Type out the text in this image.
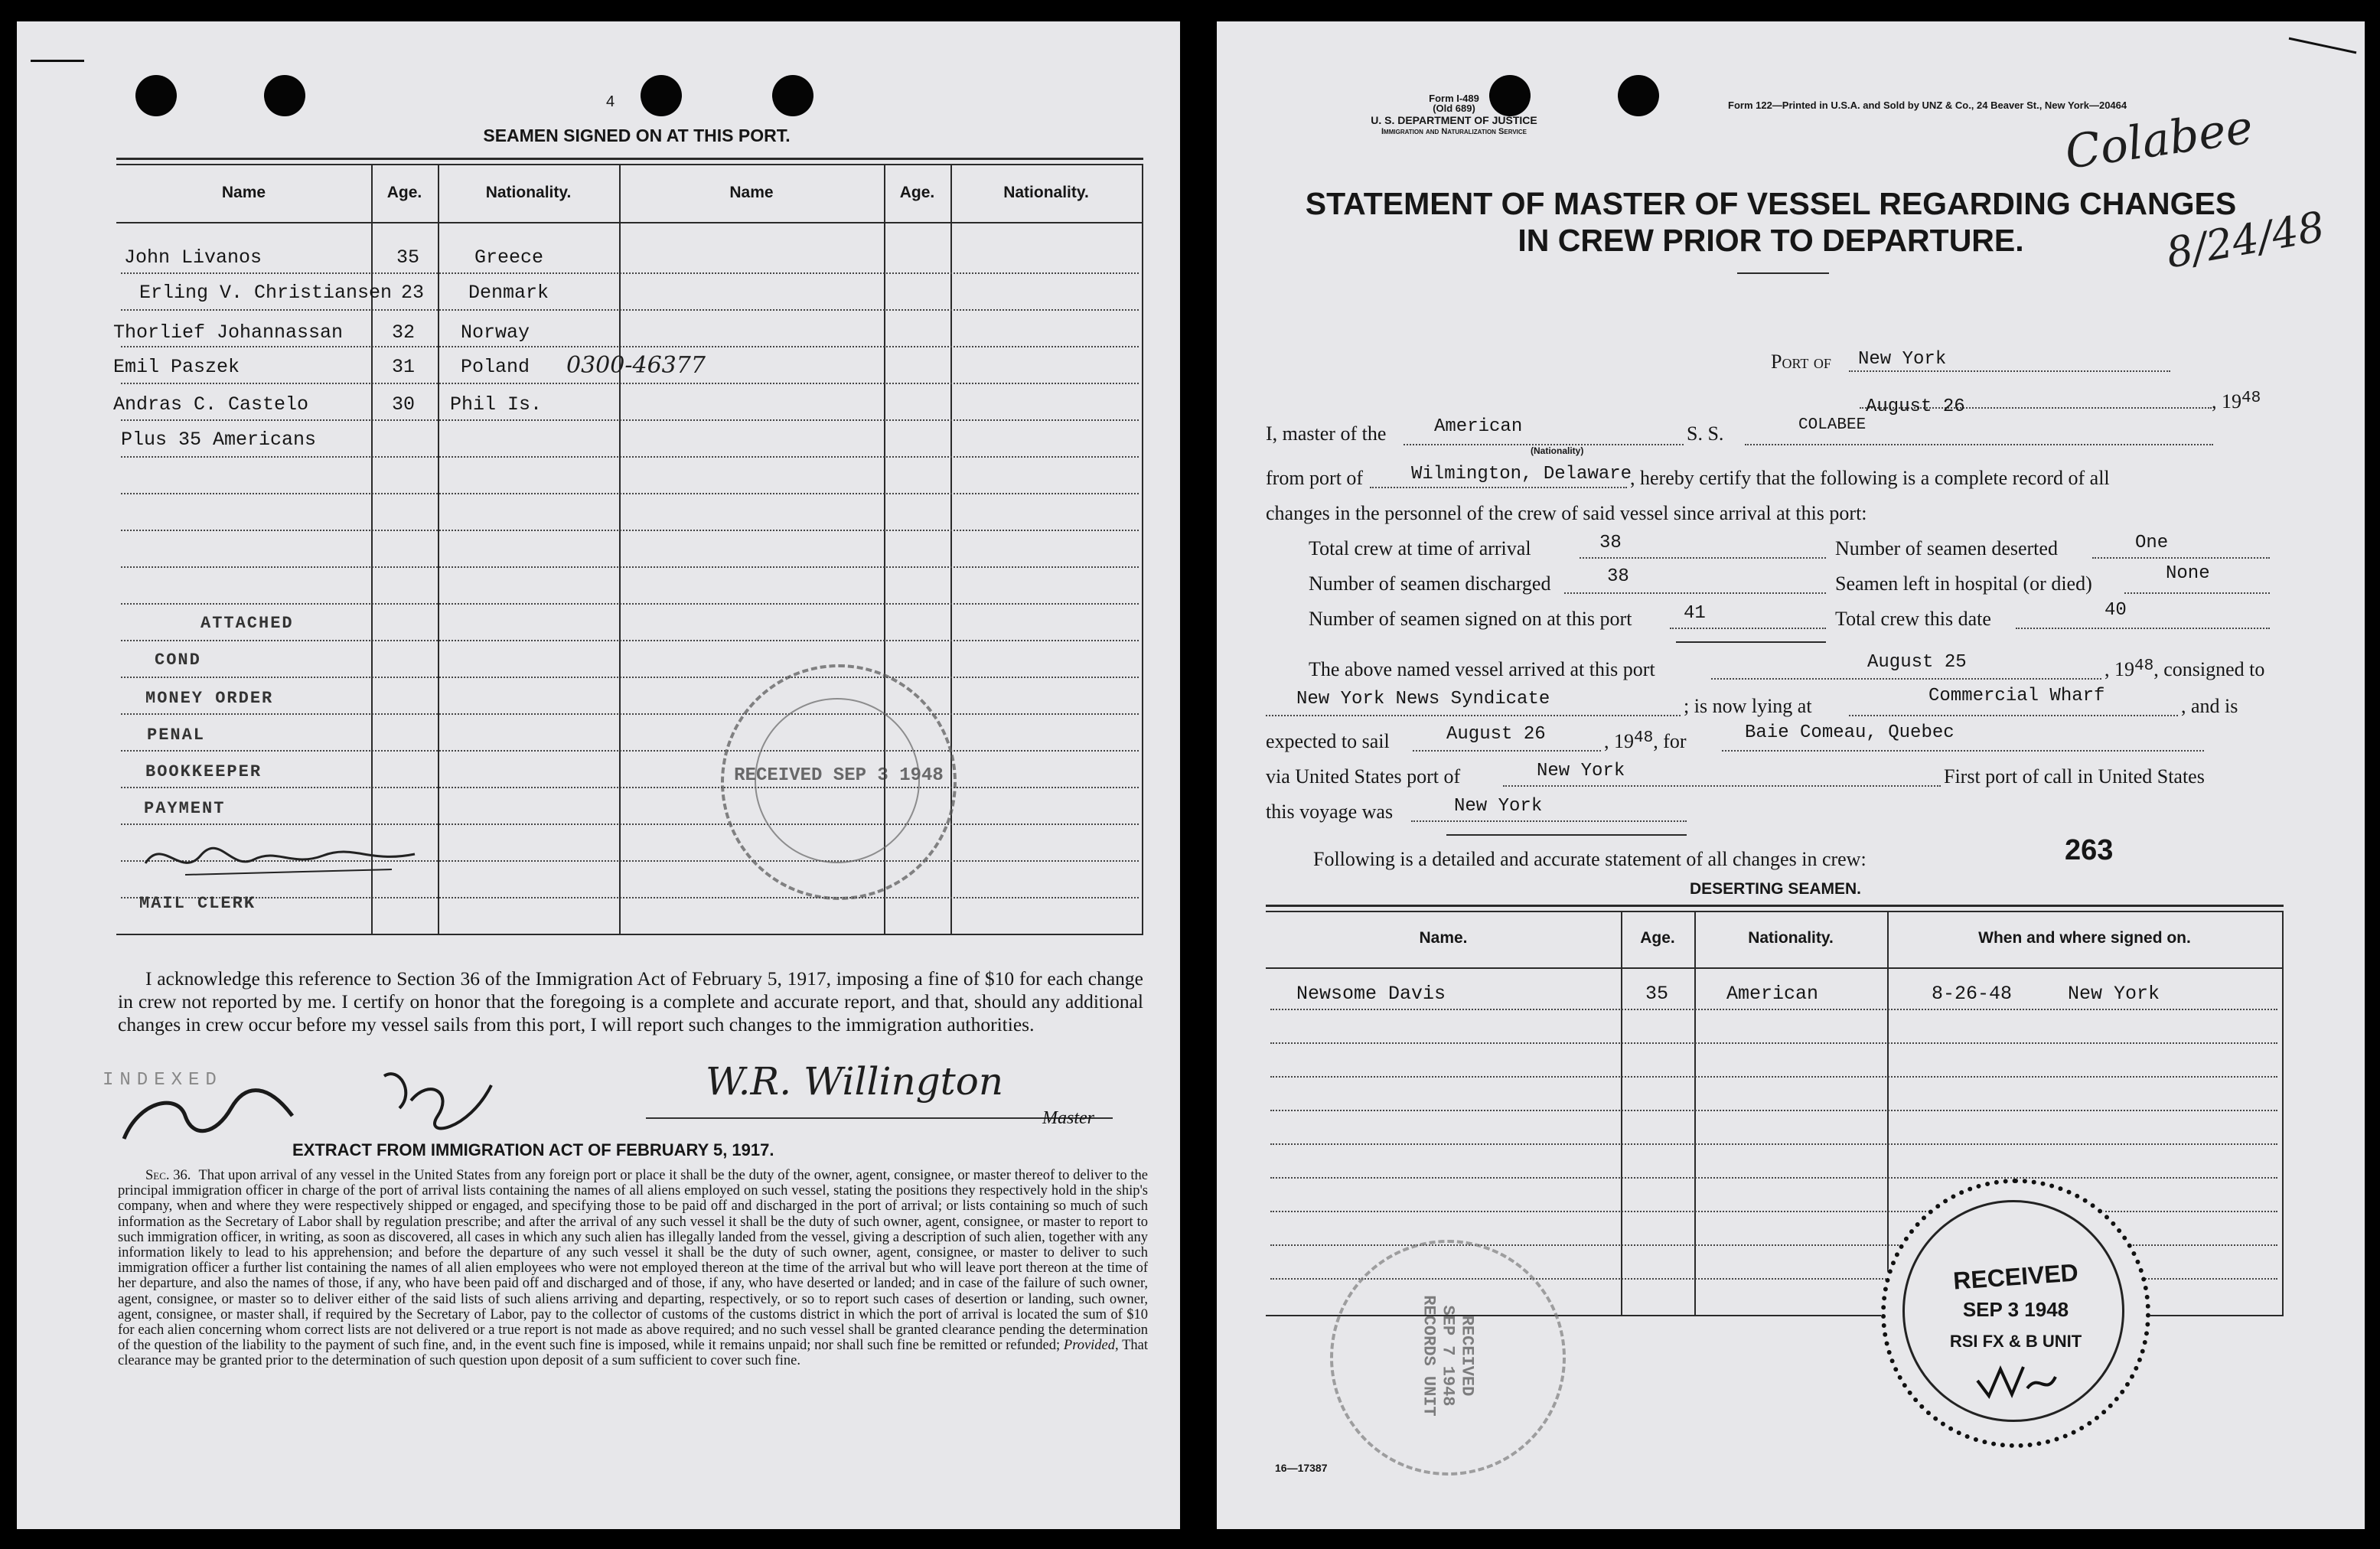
4
SEAMEN SIGNED ON AT THIS PORT.
Name	Age.	Nationality.	Name	Age.	Nationality.
John Livanos	35	Greece
Erling V. Christiansen 23 Denmark
Thorlief Johannassan	32 Norway
Emil Paszek	31 Poland 0300-46377
Andras C. Castelo	30 Phil Is.
Plus 35 Americans
ATTACHED
COND
MONEY ORDER
PENAL
BOOKKEEPER
PAYMENT
MAIL CLERK
RECEIVED SEP 3 1948
I acknowledge this reference to Section 36 of the Immigration Act of February 5, 1917, imposing a fine of $10 for each change in crew not reported by me. I certify on honor that the foregoing is a complete and accurate report, and that, should any additional changes in crew occur before my vessel sails from this port, I will report such changes to the immigration authorities.
INDEXED	W.R. Willington
Master
EXTRACT FROM IMMIGRATION ACT OF FEBRUARY 5, 1917.
Sec. 36. That upon arrival of any vessel in the United States from any foreign port or place it shall be the duty of the owner, agent, consignee, or master thereof to deliver to the principal immigration officer in charge of the port of arrival lists containing the names of all aliens employed on such vessel, stating the positions they respectively hold in the ship's company, when and where they were respectively shipped or engaged, and specifying those to be paid off and discharged in the port of arrival; or lists containing so much of such information as the Secretary of Labor shall by regulation prescribe; and after the arrival of any such vessel it shall be the duty of such owner, agent, consignee, or master to report to such immigration officer, in writing, as soon as discovered, all cases in which any such alien has illegally landed from the vessel, giving a description of such alien, together with any information likely to lead to his apprehension; and before the departure of any such vessel it shall be the duty of such owner, agent, consignee, or master to deliver to such immigration officer a further list containing the names of all alien employees who were not employed thereon at the time of the arrival but who will leave port thereon at the time of her departure, and also the names of those, if any, who have been paid off and discharged and of those, if any, who have deserted or landed; and in case of the failure of such owner, agent, consignee, or master so to deliver either of the said lists of such aliens arriving and departing, respectively, or so to report such cases of desertion or landing, such owner, agent, consignee, or master shall, if required by the Secretary of Labor, pay to the collector of customs of the customs district in which the port of arrival is located the sum of $10 for each alien concerning whom correct lists are not delivered or a true report is not made as above required; and no such vessel shall be granted clearance pending the determination of the question of the liability to the payment of such fine, and, in the event such fine is imposed, while it remains unpaid; nor shall such fine be remitted or refunded; Provided, That clearance may be granted prior to the determination of such question upon deposit of a sum sufficient to cover such fine.
Form I-489
(Old 689)
U. S. DEPARTMENT OF JUSTICE
Immigration and Naturalization Service
Form 122—Printed in U.S.A. and Sold by UNZ & Co., 24 Beaver St., New York—20464
Colabee
8/24/48
STATEMENT OF MASTER OF VESSEL REGARDING CHANGES
IN CREW PRIOR TO DEPARTURE.
Port of New York
August 26	, $19^{48}$
I, master of the	American
(Nationality)
S. S.	COLABEE
from port of	Wilmington, Delaware
, hereby certify that the following is a complete record of all
changes in the personnel of the crew of said vessel since arrival at this port:
Total crew at time of arrival	38
Number of seamen discharged	38
Number of seamen signed on at this port	41
Number of seamen deserted	One
Seamen left in hospital (or died)	None
Total crew this date	40
The above named vessel arrived at this port	August 25	, $19^{48}$, consigned to
New York News Syndicate	; is now lying at	Commercial Wharf	, and is
expected to sail	August 26	, $19^{48}$, for	Baie Comeau, Quebec
via United States port of	New York	First port of call in United States
this voyage was	New York
Following is a detailed and accurate statement of all changes in crew:	263
DESERTING SEAMEN.
Name.	Age.	Nationality.	When and where signed on.
Newsome Davis	35	American	8-26-48	New York
RECEIVED
SEP 3 1948
RSI FX & B UNIT
RECEIVED
SEP 7 1948
RECORDS UNIT
16—17387
